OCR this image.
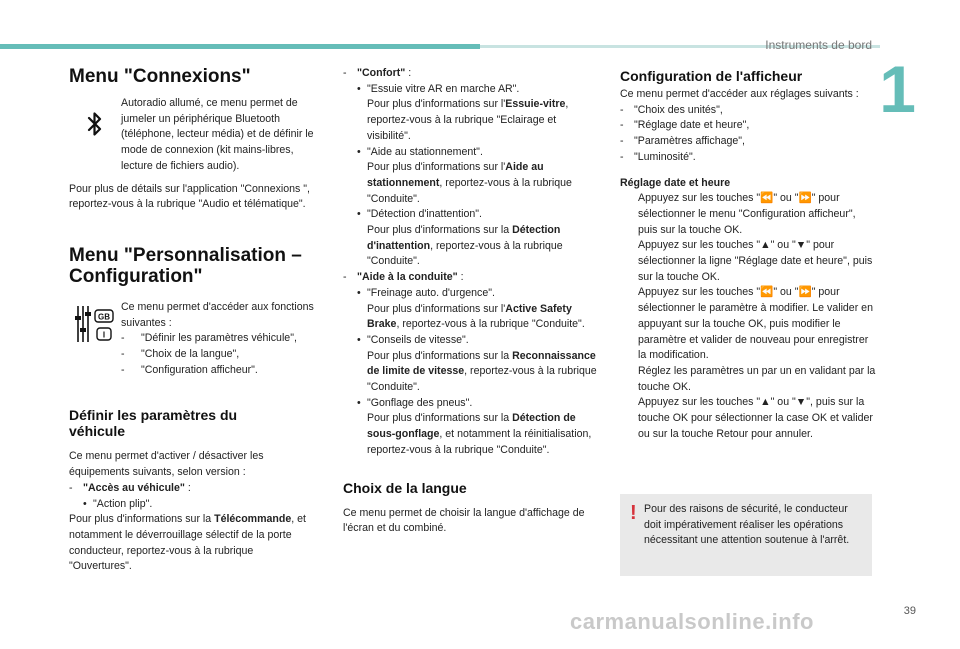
Instruments de bord
1
Menu "Connexions"

Autoradio allumé, ce menu permet de jumeler un périphérique Bluetooth (téléphone, lecteur média) et de définir le mode de connexion (kit mains-libres, lecture de fichiers audio).

Pour plus de détails sur l'application "Connexions ", reportez-vous à la rubrique "Audio et télématique".

Menu "Personnalisation –
Configuration"
GB
I

Ce menu permet d'accéder aux fonctions suivantes :

-	"Définir les paramètres véhicule",
-	"Choix de la langue",
-	"Configuration afficheur".
Définir les paramètres du
véhicule

Ce menu permet d'activer / désactiver les équipements suivants, selon version :

- "Accès au véhicule" :
• "Action plip".

Pour plus d'informations sur la Télécommande, et notamment le déverrouillage sélectif de la porte conducteur, reportez-vous à la rubrique "Ouvertures".

- "Confort" :
• "Essuie vitre AR en marche AR".

Pour plus d'informations sur l'Essuie-vitre, reportez-vous à la rubrique "Eclairage et visibilité".

• "Aide au stationnement".

Pour plus d'informations sur l'Aide au stationnement, reportez-vous à la rubrique "Conduite".

• "Détection d'inattention".

Pour plus d'informations sur la Détection d'inattention, reportez-vous à la rubrique "Conduite".

- "Aide à la conduite" :
• "Freinage auto. d'urgence".

Pour plus d'informations sur l'Active Safety Brake, reportez-vous à la rubrique "Conduite".

• "Conseils de vitesse".

Pour plus d'informations sur la Reconnaissance de limite de vitesse, reportez-vous à la rubrique "Conduite".

• "Gonflage des pneus".

Pour plus d'informations sur la Détection de sous-gonflage, et notamment la réinitialisation, reportez-vous à la rubrique "Conduite".

Choix de la langue

Ce menu permet de choisir la langue d'affichage de l'écran et du combiné.

Configuration de l'afficheur

Ce menu permet d'accéder aux réglages suivants :

- "Choix des unités",
- "Réglage date et heure",
- "Paramètres affichage",
- "Luminosité".

Réglage date et heure

Appuyez sur les touches "⏪" ou "⏩" pour sélectionner le menu "Configuration afficheur", puis sur la touche OK.
Appuyez sur les touches "▲" ou "▼" pour sélectionner la ligne "Réglage date et heure", puis sur la touche OK.
Appuyez sur les touches "⏪" ou "⏩" pour sélectionner le paramètre à modifier. Le valider en appuyant sur la touche OK, puis modifier le paramètre et valider de nouveau pour enregistrer la modification.
Réglez les paramètres un par un en validant par la touche OK.
Appuyez sur les touches "▲" ou "▼", puis sur la touche OK pour sélectionner la case OK et valider ou sur la touche Retour pour annuler.
! Pour des raisons de sécurité, le conducteur doit impérativement réaliser les opérations nécessitant une attention soutenue à l'arrêt.

39
carmanualsonline.info
